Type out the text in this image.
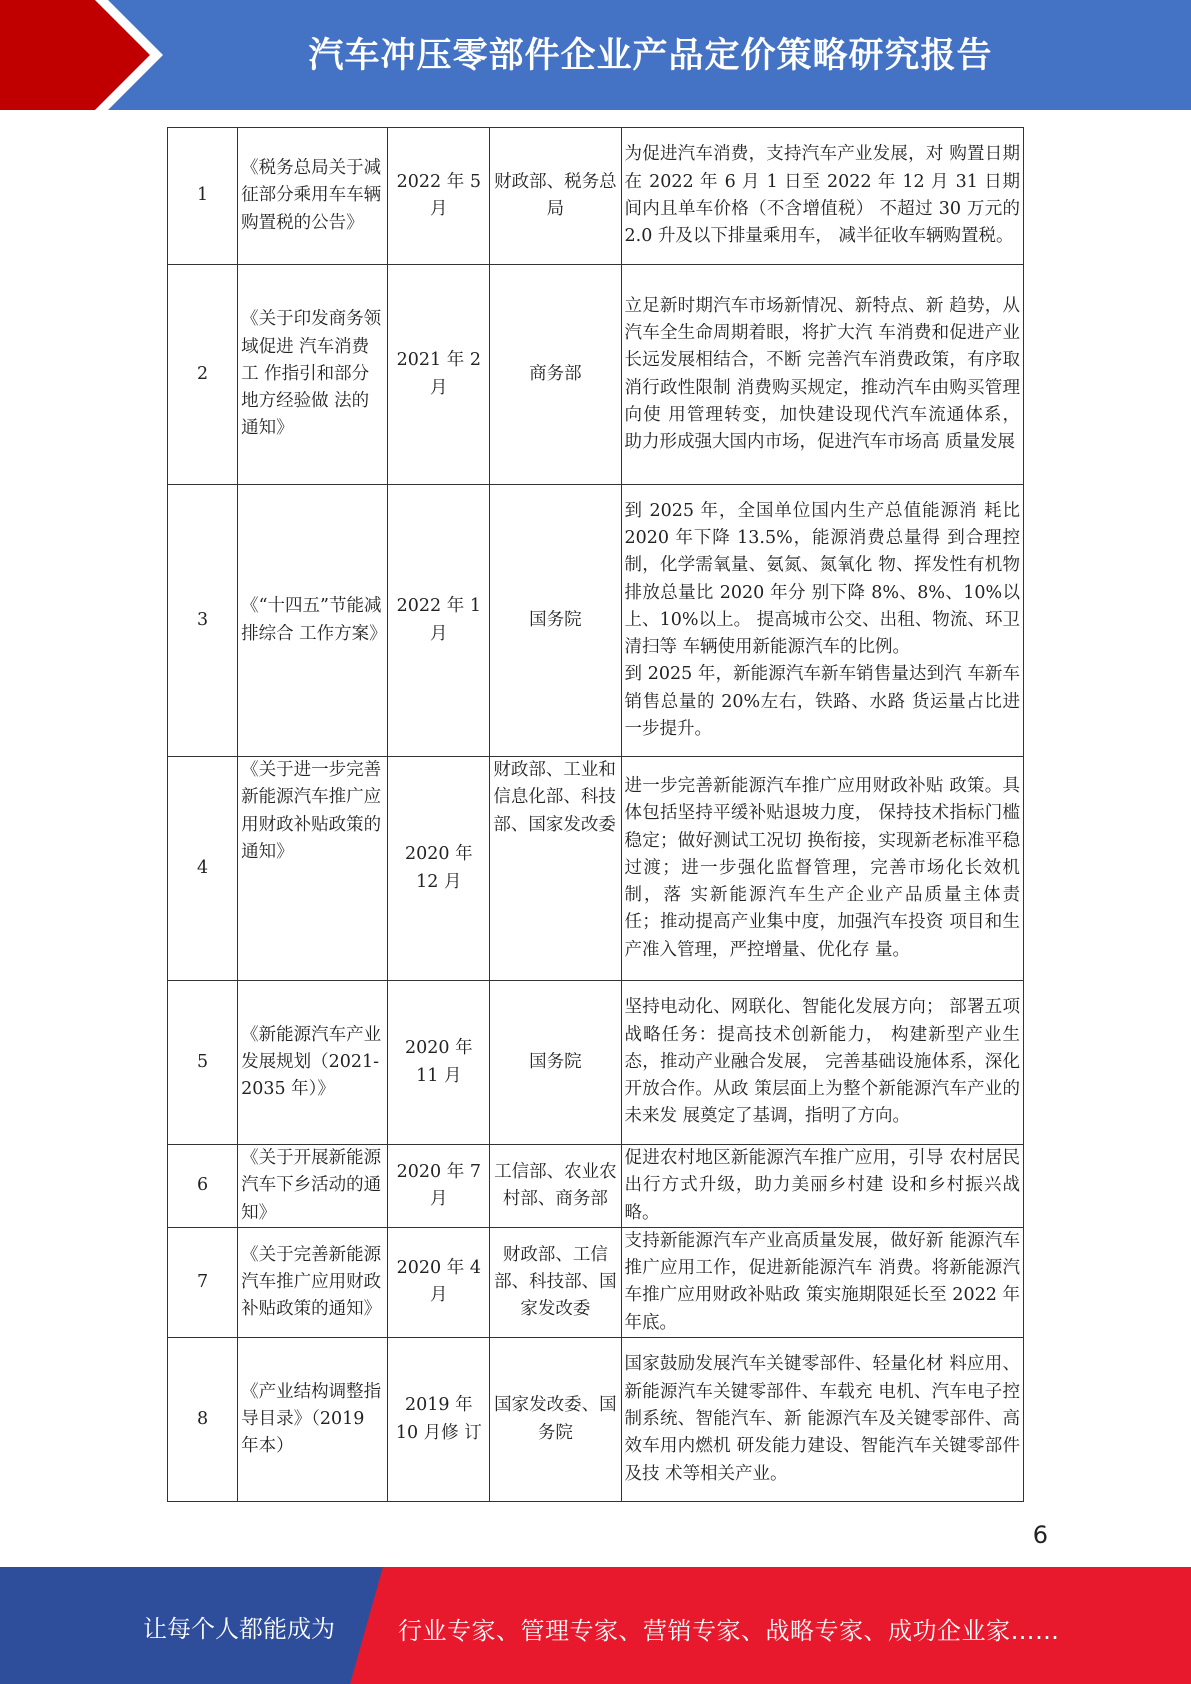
汽车冲压零部件企业产品定价策略研究报告
1	《税务总局关于减征部分乘用车车辆购置税的公告》	2022 年 5 月	财政部、税务总局	为促进汽车消费，支持汽车产业发展，对 购置日期在 2022 年 6 月 1 日至 2022 年 12 月 31 日期间内且单车价格（不含增值税） 不超过 30 万元的 2.0 升及以下排量乘用车， 减半征收车辆购置税。
2	《关于印发商务领域促进 汽车消费工 作指引和部分 地方经验做 法的通知》	2021 年 2 月	商务部	立足新时期汽车市场新情况、新特点、新 趋势，从汽车全生命周期着眼，将扩大汽 车消费和促进产业长远发展相结合，不断 完善汽车消费政策，有序取消行政性限制 消费购买规定，推动汽车由购买管理向使 用管理转变，加快建设现代汽车流通体系， 助力形成强大国内市场，促进汽车市场高 质量发展
3	《“十四五”节能减排综合 工作方案》	2022 年 1 月	国务院	到 2025 年，全国单位国内生产总值能源消 耗比 2020 年下降 13.5%，能源消费总量得 到合理控制，化学需氧量、氨氮、氮氧化 物、挥发性有机物排放总量比 2020 年分 别下降 8%、8%、10%以上、10%以上。 提高城市公交、出租、物流、环卫清扫等 车辆使用新能源汽车的比例。
到 2025 年，新能源汽车新车销售量达到汽 车新车销售总量的 20%左右，铁路、水路 货运量占比进一步提升。

4	《关于进一步完善新能源汽车推广应用财政补贴政策的通知》	2020 年 12 月	财政部、工业和信息化部、科技部、国家发改委	进一步完善新能源汽车推广应用财政补贴 政策。具体包括坚持平缓补贴退坡力度， 保持技术指标门槛稳定；做好测试工况切 换衔接，实现新老标准平稳过渡；进一步强化监督管理，完善市场化长效机制，落 实新能源汽车生产企业产品质量主体责 任；推动提高产业集中度，加强汽车投资 项目和生产准入管理，严控增量、优化存 量。
5	《新能源汽车产业发展规划（2021-2035 年）》	2020 年 11 月	国务院	坚持电动化、网联化、智能化发展方向； 部署五项战略任务：提高技术创新能力， 构建新型产业生态，推动产业融合发展， 完善基础设施体系，深化开放合作。从政 策层面上为整个新能源汽车产业的未来发 展奠定了基调，指明了方向。
6	《关于开展新能源汽车下乡活动的通知》	2020 年 7 月	工信部、农业农村部、商务部	促进农村地区新能源汽车推广应用，引导 农村居民出行方式升级，助力美丽乡村建 设和乡村振兴战略。
7	《关于完善新能源汽车推广应用财政补贴政策的通知》	2020 年 4 月	财政部、工信部、科技部、国家发改委	支持新能源汽车产业高质量发展，做好新 能源汽车推广应用工作，促进新能源汽车 消费。将新能源汽车推广应用财政补贴政 策实施期限延长至 2022 年年底。
8	《产业结构调整指导目录》（2019 年本）	2019 年 10 月修 订	国家发改委、国务院	国家鼓励发展汽车关键零部件、轻量化材 料应用、新能源汽车关键零部件、车载充 电机、汽车电子控制系统、智能汽车、新 能源汽车及关键零部件、高效车用内燃机 研发能力建设、智能汽车关键零部件及技 术等相关产业。
6
让每个人都能成为	行业专家、管理专家、营销专家、战略专家、成功企业家……
